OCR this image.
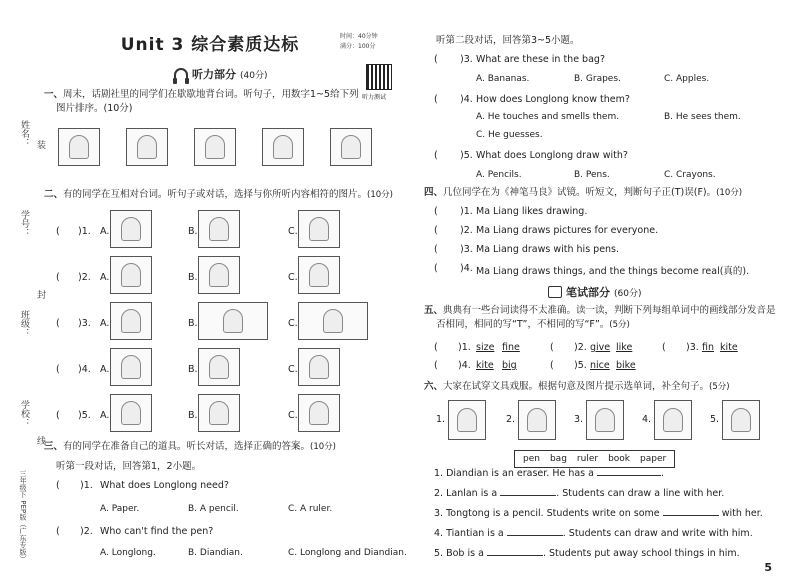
姓名： 装
学号：
封
班级：
学校：
线
三年级下 PEP版（广东专版）
Unit 3 综合素质达标	时间：40分钟
满分：100分
听力测试
听力部分 (40分)
一、周末，话剧社里的同学们在歇歇地背台词。听句子，用数字1~5给下列
图片排序。(10分)
二、有的同学在互相对台词。听句子或对话，选择与你所听内容相符的图片。(10分)
( )1. A.	B.	C.
( )2. A.	B.	C.
( )3. A.	B.	C.
( )4. A.	B.	C.
( )5. A.	B.	C.
三、有的同学在准备自己的道具。听长对话，选择正确的答案。(10分)
听第一段对话，回答第1，2小题。
( )1. What does Longlong need?
A. Paper.	B. A pencil.	C. A ruler.
( )2. Who can't find the pen?
A. Longlong.	B. Diandian.	C. Longlong and Diandian.
听第二段对话，回答第3~5小题。
( )3. What are these in the bag?
A. Bananas.	B. Grapes.	C. Apples.
( )4. How does Longlong know them?
A. He touches and smells them.	B. He sees them.
C. He guesses.
( )5. What does Longlong draw with?
A. Pencils.	B. Pens.	C. Crayons.
四、几位同学在为《神笔马良》试镜。听短文，判断句子正(T)误(F)。(10分)
( )1. Ma Liang likes drawing.
( )2. Ma Liang draws pictures for everyone.
( )3. Ma Liang draws with his pens.
( )4. Ma Liang draws things, and the things become real(真的).
笔试部分 (60分)
五、典典有一些台词读得不太准确。读一读，判断下列每组单词中的画线部分发音是
否相同，相同的写“T”，不相同的写“F”。(5分)
( )1. size fine	( )2. give like	( )3. fin kite
( )4. kite big	( )5. nice bike
六、大家在试穿文具戏服。根据句意及图片提示选单词，补全句子。(5分)
1.	2.	3.	4.	5.
pen bag ruler book paper
1. Diandian is an eraser. He has a	.
2. Lanlan is a	. Students can draw a line with her.
3. Tongtong is a pencil. Students write on some	with her.
4. Tiantian is a	. Students can draw and write with him.
5. Bob is a	. Students put away school things in him.
5
